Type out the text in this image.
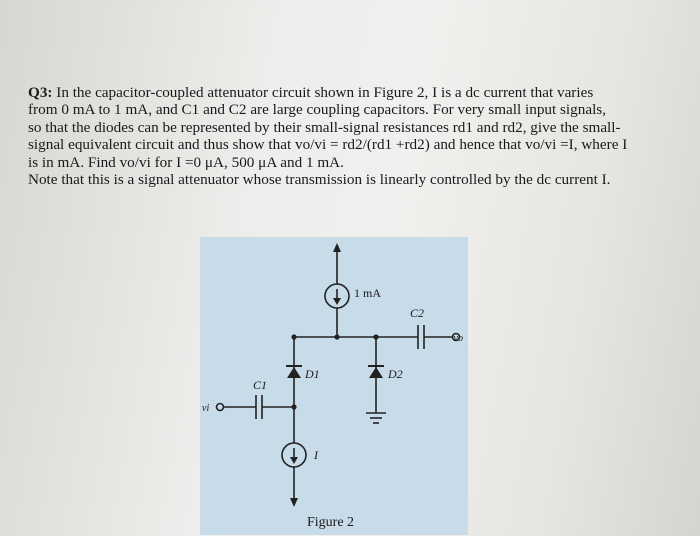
Q3: In the capacitor-coupled attenuator circuit shown in Figure 2, I is a dc current that varies

from 0 mA to 1 mA, and C1 and C2 are large coupling capacitors. For very small input signals,

so that the diodes can be represented by their small-signal resistances rd1 and rd2, give the small-

signal equivalent circuit and thus show that vo/vi = rd2/(rd1 +rd2) and hence that vo/vi =I, where I

is in mA. Find vo/vi for I =0 μA, 500 μA and 1 mA.

Note that this is a signal attenuator whose transmission is linearly controlled by the dc current I.

1 mA
C2
vo
D1	D2
C1
vi
I
Figure 2
